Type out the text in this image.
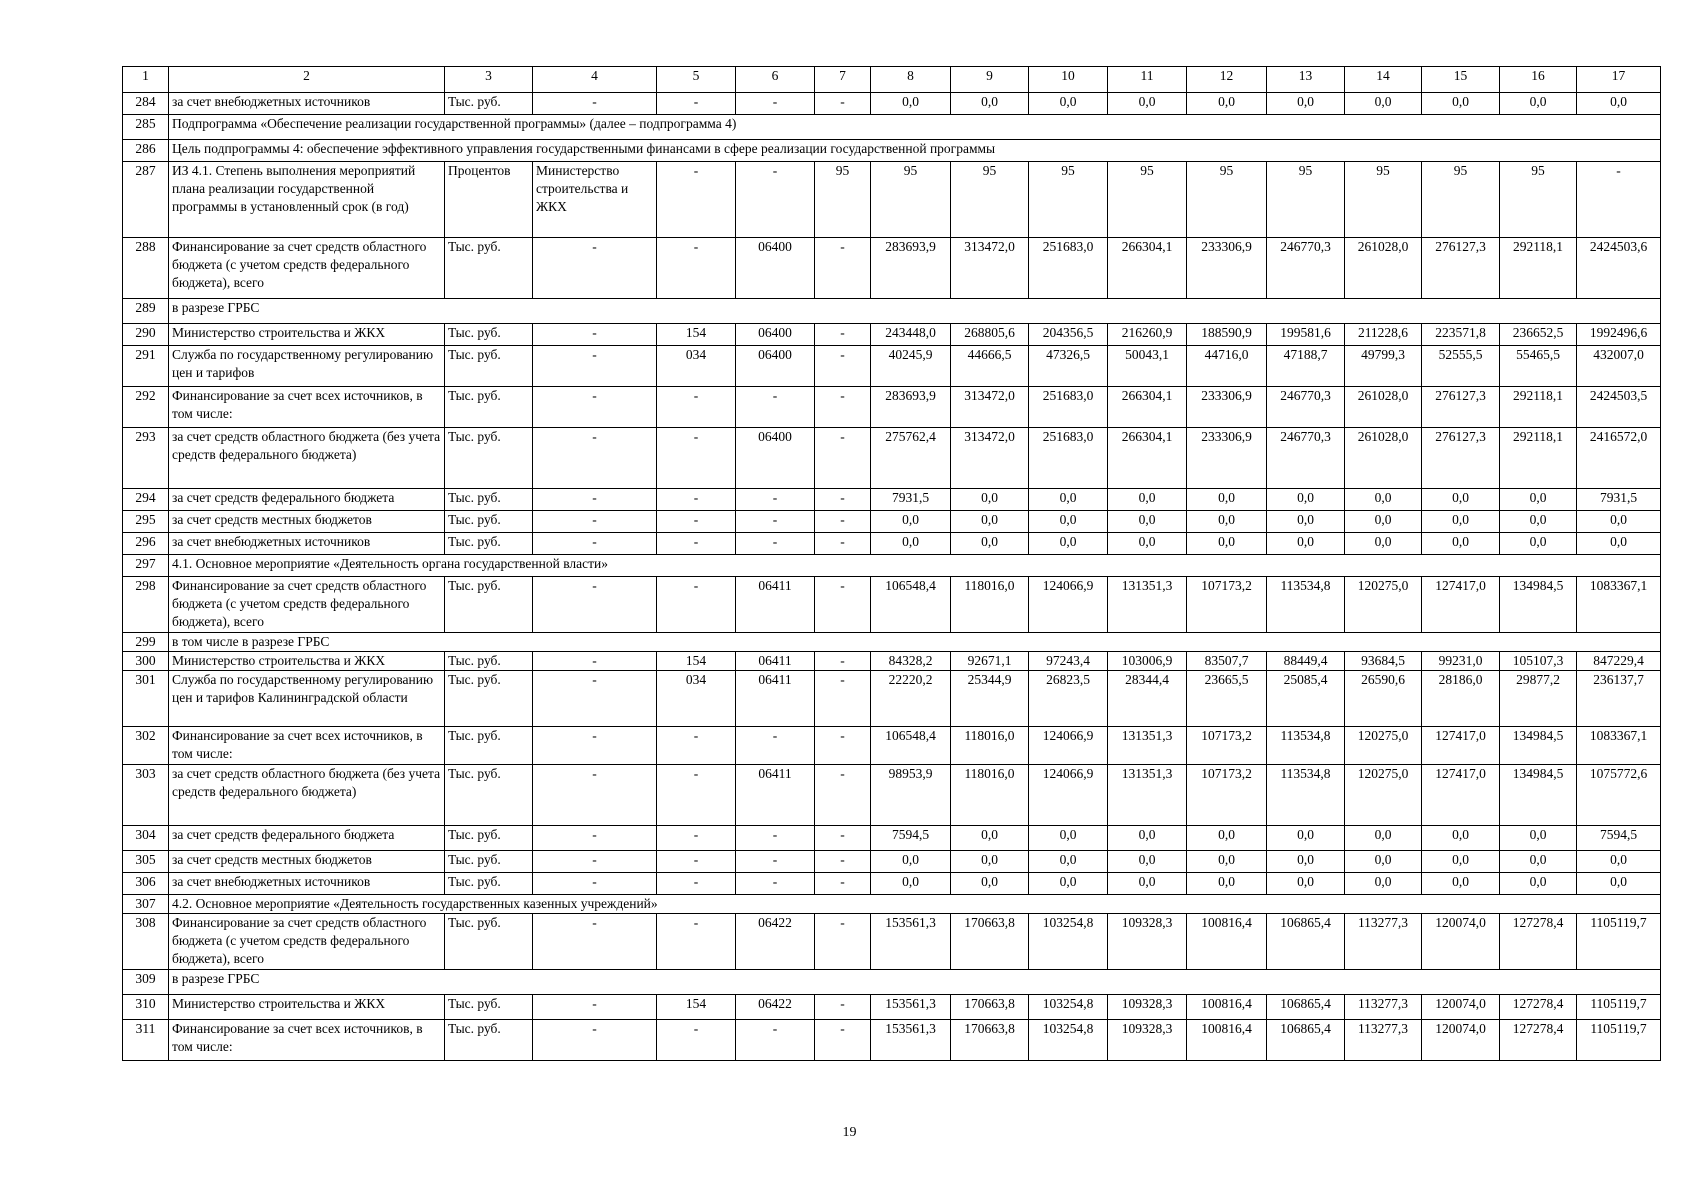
1	2	3	4	5	6	7	8	9	10	11	12	13	14	15	16	17
284	за счет внебюджетных источников	Тыс. руб.	-	-	-	-	0,0	0,0	0,0	0,0	0,0	0,0	0,0	0,0	0,0	0,0
285	Подпрограмма «Обеспечение реализации государственной программы» (далее – подпрограмма 4)															
286	Цель подпрограммы 4: обеспечение эффективного управления государственными финансами в сфере реализации государственной программы															
287	ИЗ 4.1. Степень выполнения мероприятий плана реализации государственной программы в установленный срок (в год)	Процентов	Министерство строительства и ЖКХ	-	-	95	95	95	95	95	95	95	95	95	95	-
288	Финансирование за счет средств областного бюджета (с учетом средств федерального бюджета), всего	Тыс. руб.	-	-	06400	-	283693,9	313472,0	251683,0	266304,1	233306,9	246770,3	261028,0	276127,3	292118,1	2424503,6
289	в разрезе ГРБС															
290	Министерство строительства и ЖКХ	Тыс. руб.	-	154	06400	-	243448,0	268805,6	204356,5	216260,9	188590,9	199581,6	211228,6	223571,8	236652,5	1992496,6
291	Служба по государственному регулированию цен и тарифов	Тыс. руб.	-	034	06400	-	40245,9	44666,5	47326,5	50043,1	44716,0	47188,7	49799,3	52555,5	55465,5	432007,0
292	Финансирование за счет всех источников, в том числе:	Тыс. руб.	-	-	-	-	283693,9	313472,0	251683,0	266304,1	233306,9	246770,3	261028,0	276127,3	292118,1	2424503,5
293	за счет средств областного бюджета (без учета средств федерального бюджета)	Тыс. руб.	-	-	06400	-	275762,4	313472,0	251683,0	266304,1	233306,9	246770,3	261028,0	276127,3	292118,1	2416572,0
294	за счет средств федерального бюджета	Тыс. руб.	-	-	-	-	7931,5	0,0	0,0	0,0	0,0	0,0	0,0	0,0	0,0	7931,5
295	за счет средств местных бюджетов	Тыс. руб.	-	-	-	-	0,0	0,0	0,0	0,0	0,0	0,0	0,0	0,0	0,0	0,0
296	за счет внебюджетных источников	Тыс. руб.	-	-	-	-	0,0	0,0	0,0	0,0	0,0	0,0	0,0	0,0	0,0	0,0
297	4.1. Основное мероприятие «Деятельность органа государственной власти»															
298	Финансирование за счет средств областного бюджета (с учетом средств федерального бюджета), всего	Тыс. руб.	-	-	06411	-	106548,4	118016,0	124066,9	131351,3	107173,2	113534,8	120275,0	127417,0	134984,5	1083367,1
299	в том числе в разрезе ГРБС															
300	Министерство строительства и ЖКХ	Тыс. руб.	-	154	06411	-	84328,2	92671,1	97243,4	103006,9	83507,7	88449,4	93684,5	99231,0	105107,3	847229,4
301	Служба по государственному регулированию цен и тарифов Калининградской области	Тыс. руб.	-	034	06411	-	22220,2	25344,9	26823,5	28344,4	23665,5	25085,4	26590,6	28186,0	29877,2	236137,7
302	Финансирование за счет всех источников, в том числе:	Тыс. руб.	-	-	-	-	106548,4	118016,0	124066,9	131351,3	107173,2	113534,8	120275,0	127417,0	134984,5	1083367,1
303	за счет средств областного бюджета (без учета средств федерального бюджета)	Тыс. руб.	-	-	06411	-	98953,9	118016,0	124066,9	131351,3	107173,2	113534,8	120275,0	127417,0	134984,5	1075772,6
304	за счет средств федерального бюджета	Тыс. руб.	-	-	-	-	7594,5	0,0	0,0	0,0	0,0	0,0	0,0	0,0	0,0	7594,5
305	за счет средств местных бюджетов	Тыс. руб.	-	-	-	-	0,0	0,0	0,0	0,0	0,0	0,0	0,0	0,0	0,0	0,0
306	за счет внебюджетных источников	Тыс. руб.	-	-	-	-	0,0	0,0	0,0	0,0	0,0	0,0	0,0	0,0	0,0	0,0
307	4.2. Основное мероприятие «Деятельность государственных казенных учреждений»															
308	Финансирование за счет средств областного бюджета (с учетом средств федерального бюджета), всего	Тыс. руб.	-	-	06422	-	153561,3	170663,8	103254,8	109328,3	100816,4	106865,4	113277,3	120074,0	127278,4	1105119,7
309	в разрезе ГРБС															
310	Министерство строительства и ЖКХ	Тыс. руб.	-	154	06422	-	153561,3	170663,8	103254,8	109328,3	100816,4	106865,4	113277,3	120074,0	127278,4	1105119,7
311	Финансирование за счет всех источников, в том числе:	Тыс. руб.	-	-	-	-	153561,3	170663,8	103254,8	109328,3	100816,4	106865,4	113277,3	120074,0	127278,4	1105119,7
19
